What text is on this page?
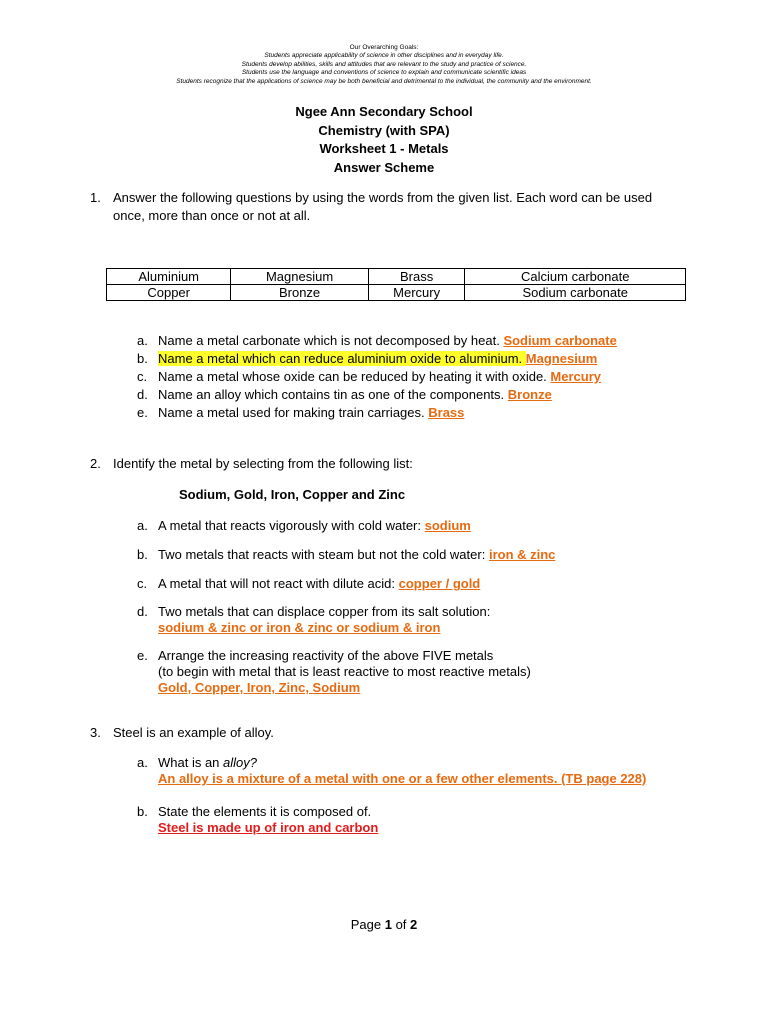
Our Overarching Goals:
Students appreciate applicability of science in other disciplines and in everyday life.
Students develop abilities, skills and attitudes that are relevant to the study and practice of science.
Students use the language and conventions of science to explain and communicate scientific ideas
Students recognize that the applications of science may be both beneficial and detrimental to the individual, the community and the environment.
Ngee Ann Secondary School
Chemistry (with SPA)
Worksheet 1 - Metals
Answer Scheme
1. Answer the following questions by using the words from the given list. Each word can be used once, more than once or not at all.
Aluminium	Magnesium	Brass	Calcium carbonate
Copper	Bronze	Mercury	Sodium carbonate
a. Name a metal carbonate which is not decomposed by heat. Sodium carbonate
b. Name a metal which can reduce aluminium oxide to aluminium. Magnesium
c. Name a metal whose oxide can be reduced by heating it with oxide. Mercury
d. Name an alloy which contains tin as one of the components. Bronze
e. Name a metal used for making train carriages. Brass
2. Identify the metal by selecting from the following list:
Sodium, Gold, Iron, Copper and Zinc
a. A metal that reacts vigorously with cold water: sodium
b. Two metals that reacts with steam but not the cold water: iron & zinc
c. A metal that will not react with dilute acid: copper / gold
d. Two metals that can displace copper from its salt solution:
sodium & zinc or iron & zinc or sodium & iron
e. Arrange the increasing reactivity of the above FIVE metals
(to begin with metal that is least reactive to most reactive metals)
Gold, Copper, Iron, Zinc, Sodium
3. Steel is an example of alloy.
a. What is an alloy?
An alloy is a mixture of a metal with one or a few other elements. (TB page 228)
b. State the elements it is composed of.
Steel is made up of iron and carbon
Page 1 of 2
